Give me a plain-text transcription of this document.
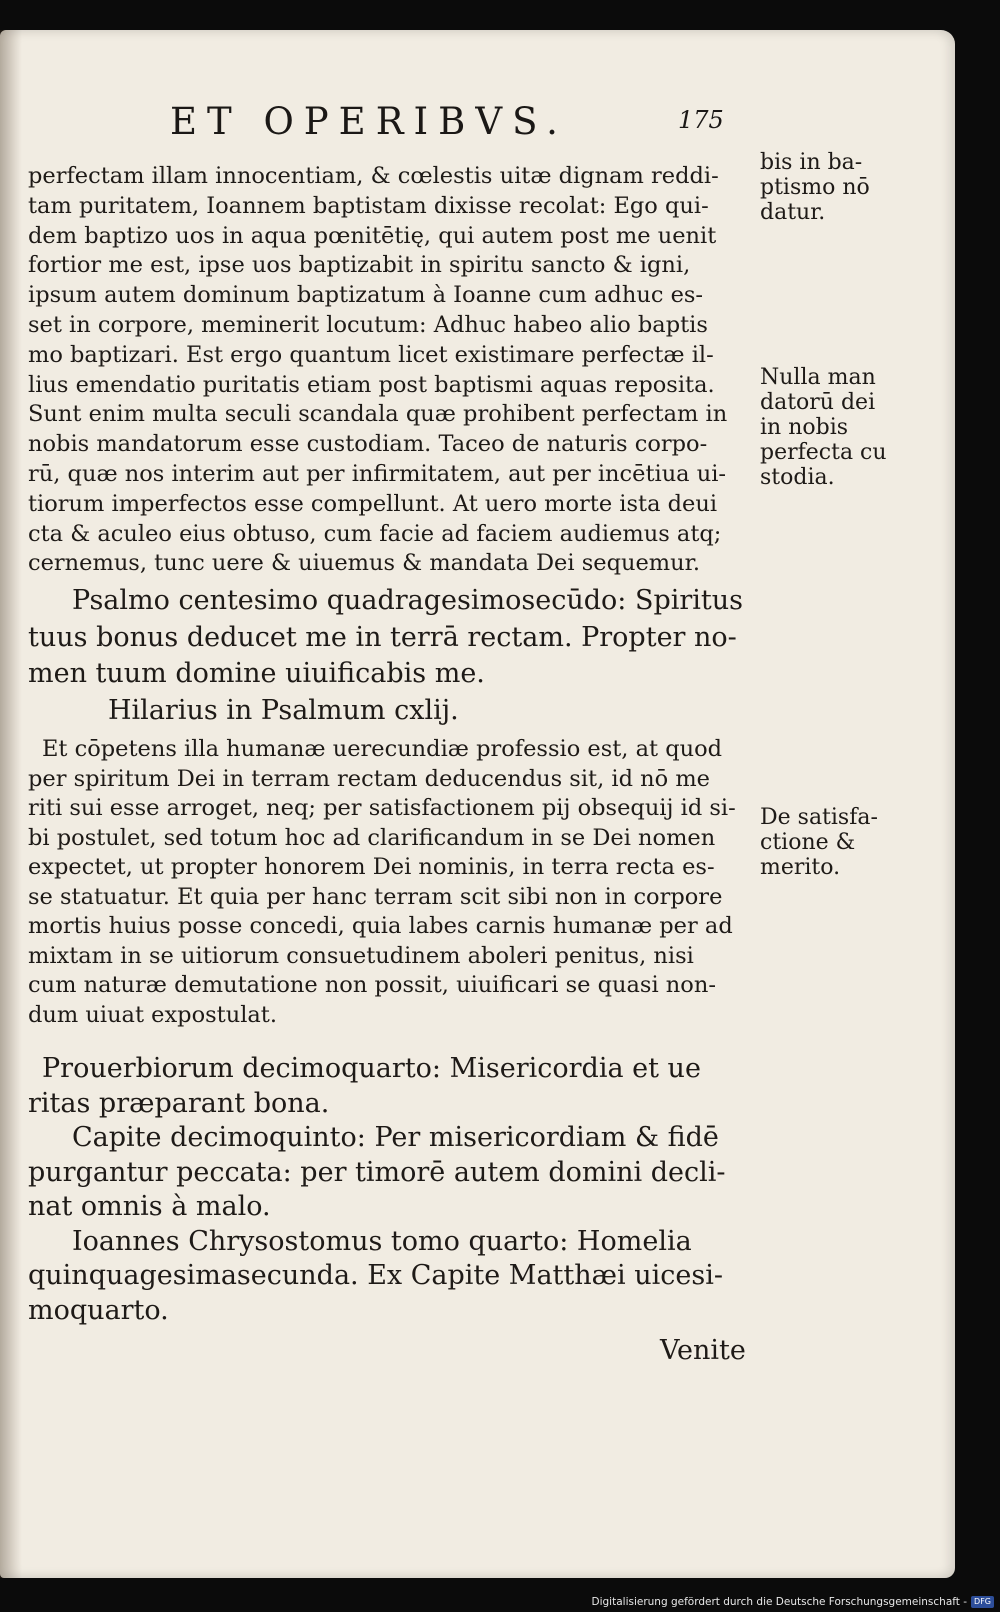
ET OPERIBVS.	175
perfectam illam innocentiam, & cœlestis uitæ dignam reddi-
tam puritatem, Ioannem baptistam dixisse recolat: Ego qui-
dem baptizo uos in aqua pœnitētię, qui autem post me uenit
fortior me est, ipse uos baptizabit in spiritu sancto & igni,
ipsum autem dominum baptizatum à Ioanne cum adhuc es-
set in corpore, meminerit locutum: Adhuc habeo alio baptis
mo baptizari. Est ergo quantum licet existimare perfectæ il-
lius emendatio puritatis etiam post baptismi aquas reposita.
Sunt enim multa seculi scandala quæ prohibent perfectam in
nobis mandatorum esse custodiam. Taceo de naturis corpo-
rū, quæ nos interim aut per infirmitatem, aut per incētiua ui-
tiorum imperfectos esse compellunt. At uero morte ista deui
cta & aculeo eius obtuso, cum facie ad faciem audiemus atq;
cernemus, tunc uere & uiuemus & mandata Dei sequemur.
Psalmo centesimo quadragesimosecūdo: Spiritus
tuus bonus deducet me in terrā rectam. Propter no-
men tuum domine uiuificabis me.
Hilarius in Psalmum cxlij.
Et cōpetens illa humanæ uerecundiæ professio est, at quod
per spiritum Dei in terram rectam deducendus sit, id nō me
riti sui esse arroget, neq; per satisfactionem pij obsequij id si-
bi postulet, sed totum hoc ad clarificandum in se Dei nomen
expectet, ut propter honorem Dei nominis, in terra recta es-
se statuatur. Et quia per hanc terram scit sibi non in corpore
mortis huius posse concedi, quia labes carnis humanæ per ad
mixtam in se uitiorum consuetudinem aboleri penitus, nisi
cum naturæ demutatione non possit, uiuificari se quasi non-
dum uiuat expostulat.
Prouerbiorum decimoquarto: Misericordia et ue
ritas præparant bona.
Capite decimoquinto: Per misericordiam & fidē
purgantur peccata: per timorē autem domini decli-
nat omnis à malo.
Ioannes Chrysostomus tomo quarto: Homelia
quinquagesimasecunda. Ex Capite Matthæi uicesi-
moquarto.
bis in ba-
ptismo nō
datur.
Nulla man
datorū dei
in nobis
perfecta cu
stodia.
De satisfa-
ctione &
merito.
Venite
Digitalisierung gefördert durch die Deutsche Forschungsgemeinschaft - DFG
